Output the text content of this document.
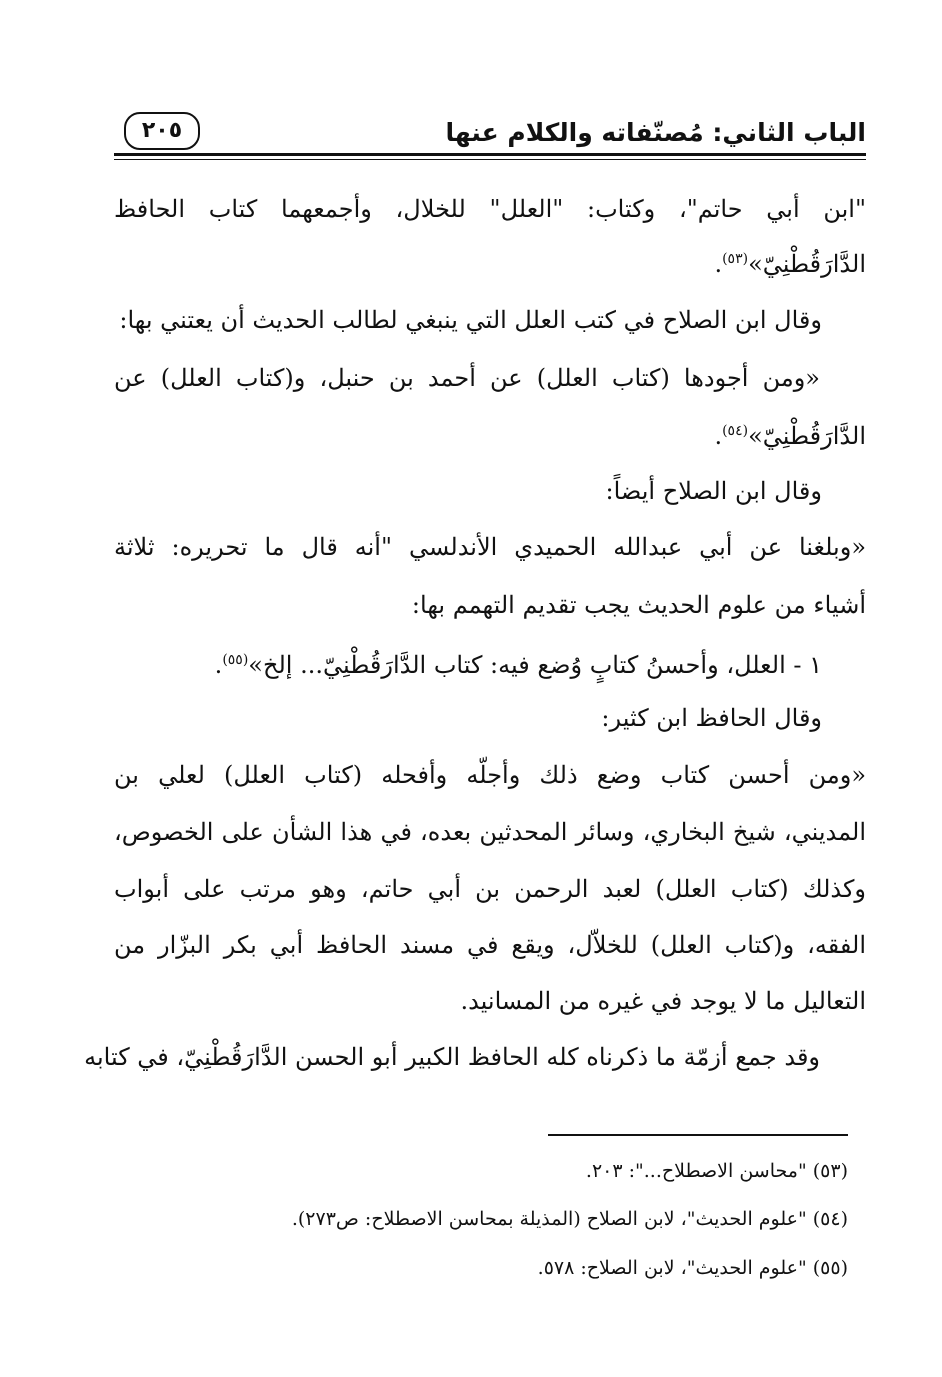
الباب الثاني: مُصنّفاته والكلام عنها
٢٠٥
"ابن أبي حاتم"، وكتاب: "العلل" للخلال، وأجمعهما كتاب الحافظ
الدَّارَقُطْنِيّ»$^{(٥٣)}$.
وقال ابن الصلاح في كتب العلل التي ينبغي لطالب الحديث أن يعتني بها:
«ومن أجودها (كتاب العلل) عن أحمد بن حنبل، و(كتاب العلل) عن
الدَّارَقُطْنِيّ»$^{(٥٤)}$.
وقال ابن الصلاح أيضاً:
«وبلغنا عن أبي عبدالله الحميدي الأندلسي "أنه قال ما تحريره: ثلاثة
أشياء من علوم الحديث يجب تقديم التهمم بها:
١ - العلل، وأحسنُ كتابٍ وُضع فيه: كتاب الدَّارَقُطْنِيّ... إلخ»$^{(٥٥)}$.
وقال الحافظ ابن كثير:
«ومن أحسن كتاب وضع ذلك وأجلّه وأفحله (كتاب العلل) لعلي بن
المديني، شيخ البخاري، وسائر المحدثين بعده، في هذا الشأن على الخصوص،
وكذلك (كتاب العلل) لعبد الرحمن بن أبي حاتم، وهو مرتب على أبواب
الفقه، و(كتاب العلل) للخلاّل، ويقع في مسند الحافظ أبي بكر البزّار من
التعاليل ما لا يوجد في غيره من المسانيد.
وقد جمع أزمّة ما ذكرناه كله الحافظ الكبير أبو الحسن الدَّارَقُطْنِيّ، في كتابه
(٥٣) "محاسن الاصطلاح...": ٢٠٣.
(٥٤) "علوم الحديث"، لابن الصلاح (المذيلة بمحاسن الاصطلاح: ص٢٧٣).
(٥٥) "علوم الحديث"، لابن الصلاح: ٥٧٨.
